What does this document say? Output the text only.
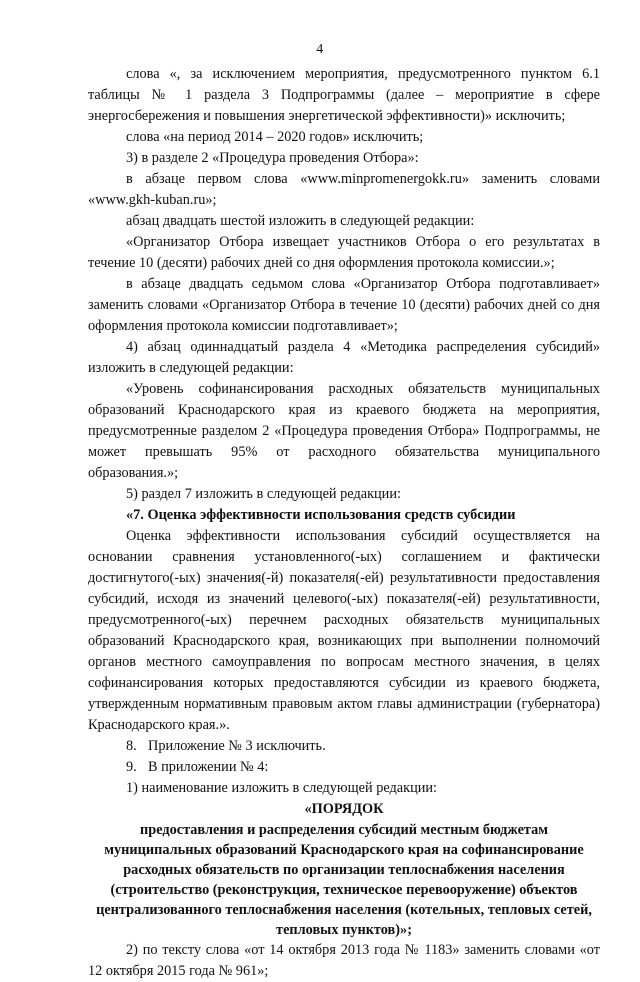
4

слова «, за исключением мероприятия, предусмотренного пунктом 6.1 таблицы № 1 раздела 3 Подпрограммы (далее – мероприятие в сфере энергосбережения и повышения энергетической эффективности)» исключить;

слова «на период 2014 – 2020 годов» исключить;

3) в разделе 2 «Процедура проведения Отбора»:

в абзаце первом слова «www.minpromenergokk.ru» заменить словами «www.gkh-kuban.ru»;

абзац двадцать шестой изложить в следующей редакции:

«Организатор Отбора извещает участников Отбора о его результатах в течение 10 (десяти) рабочих дней со дня оформления протокола комиссии.»;

в абзаце двадцать седьмом слова «Организатор Отбора подготавливает» заменить словами «Организатор Отбора в течение 10 (десяти) рабочих дней со дня оформления протокола комиссии подготавливает»;

4) абзац одиннадцатый раздела 4 «Методика распределения субсидий» изложить в следующей редакции:

«Уровень софинансирования расходных обязательств муниципальных образований Краснодарского края из краевого бюджета на мероприятия, предусмотренные разделом 2 «Процедура проведения Отбора» Подпрограммы, не может превышать 95% от расходного обязательства муниципального образования.»;

5) раздел 7 изложить в следующей редакции:

«7. Оценка эффективности использования средств субсидии

Оценка эффективности использования субсидий осуществляется на основании сравнения установленного(-ых) соглашением и фактически достигнутого(-ых) значения(-й) показателя(-ей) результативности предоставления субсидий, исходя из значений целевого(-ых) показателя(-ей) результативности, предусмотренного(-ых) перечнем расходных обязательств муниципальных образований Краснодарского края, возникающих при выполнении полномочий органов местного самоуправления по вопросам местного значения, в целях софинансирования которых предоставляются субсидии из краевого бюджета, утвержденным нормативным правовым актом главы администрации (губернатора) Краснодарского края.».

8. Приложение № 3 исключить.

9. В приложении № 4:

1) наименование изложить в следующей редакции:

«ПОРЯДОК

предоставления и распределения субсидий местным бюджетам муниципальных образований Краснодарского края на софинансирование расходных обязательств по организации теплоснабжения населения (строительство (реконструкция, техническое перевооружение) объектов централизованного теплоснабжения населения (котельных, тепловых сетей, тепловых пунктов)»;

2) по тексту слова «от 14 октября 2013 года № 1183» заменить словами «от 12 октября 2015 года № 961»;
